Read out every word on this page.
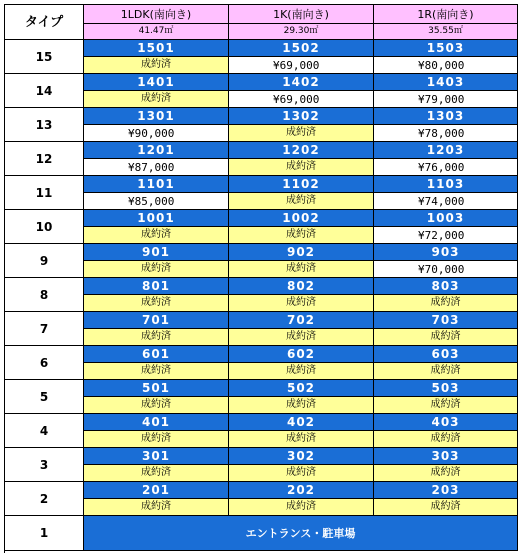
タイプ
1LDK(南向き)
41.47㎡
1K(南向き)
29.30㎡
1R(南向き)
35.55㎡
15
1501
成約済
1502
¥69,000
1503
¥80,000
14
1401
成約済
1402
¥69,000
1403
¥79,000
13
1301
¥90,000
1302
成約済
1303
¥78,000
12
1201
¥87,000
1202
成約済
1203
¥76,000
11
1101
¥85,000
1102
成約済
1103
¥74,000
10
1001
成約済
1002
成約済
1003
¥72,000
9
901
成約済
902
成約済
903
¥70,000
8
801
成約済
802
成約済
803
成約済
7
701
成約済
702
成約済
703
成約済
6
601
成約済
602
成約済
603
成約済
5
501
成約済
502
成約済
503
成約済
4
401
成約済
402
成約済
403
成約済
3
301
成約済
302
成約済
303
成約済
2
201
成約済
202
成約済
203
成約済
1	エントランス・駐車場
